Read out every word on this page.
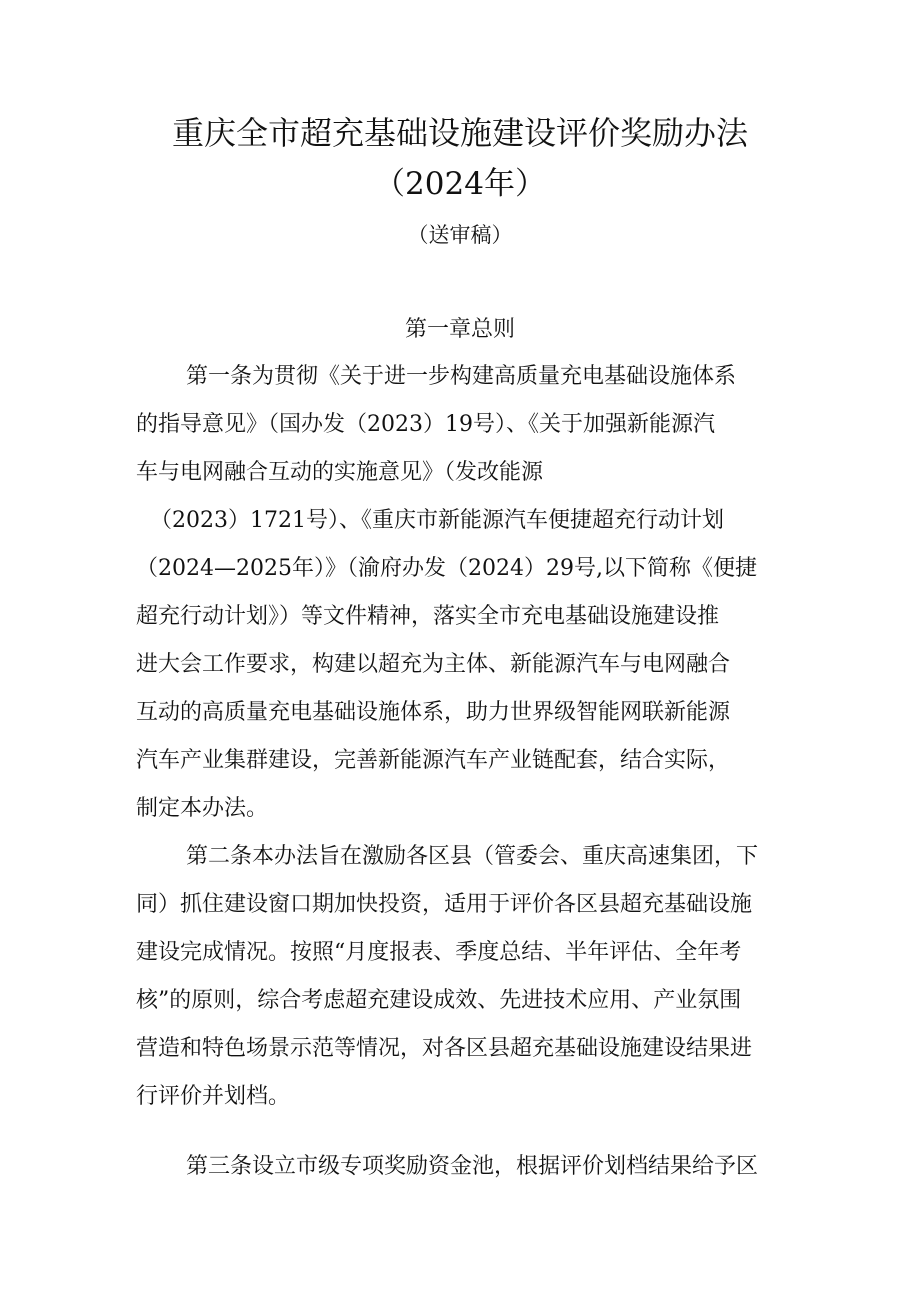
重庆全市超充基础设施建设评价奖励办法
（2024年）
（送审稿）
第一章总则
第一条为贯彻《关于进一步构建高质量充电基础设施体系
的指导意见》（国办发（2023）19号）、《关于加强新能源汽
车与电网融合互动的实施意见》（发改能源
（2023）1721号）、《重庆市新能源汽车便捷超充行动计划
（2024—2025年）》（渝府办发（2024）29号,以下简称《便捷
超充行动计划》）等文件精神，落实全市充电基础设施建设推
进大会工作要求，构建以超充为主体、新能源汽车与电网融合
互动的高质量充电基础设施体系，助力世界级智能网联新能源
汽车产业集群建设，完善新能源汽车产业链配套，结合实际，
制定本办法。
第二条本办法旨在激励各区县（管委会、重庆高速集团，下
同）抓住建设窗口期加快投资，适用于评价各区县超充基础设施
建设完成情况。按照“月度报表、季度总结、半年评估、全年考
核”的原则，综合考虑超充建设成效、先进技术应用、产业氛围
营造和特色场景示范等情况，对各区县超充基础设施建设结果进
行评价并划档。
第三条设立市级专项奖励资金池，根据评价划档结果给予区
